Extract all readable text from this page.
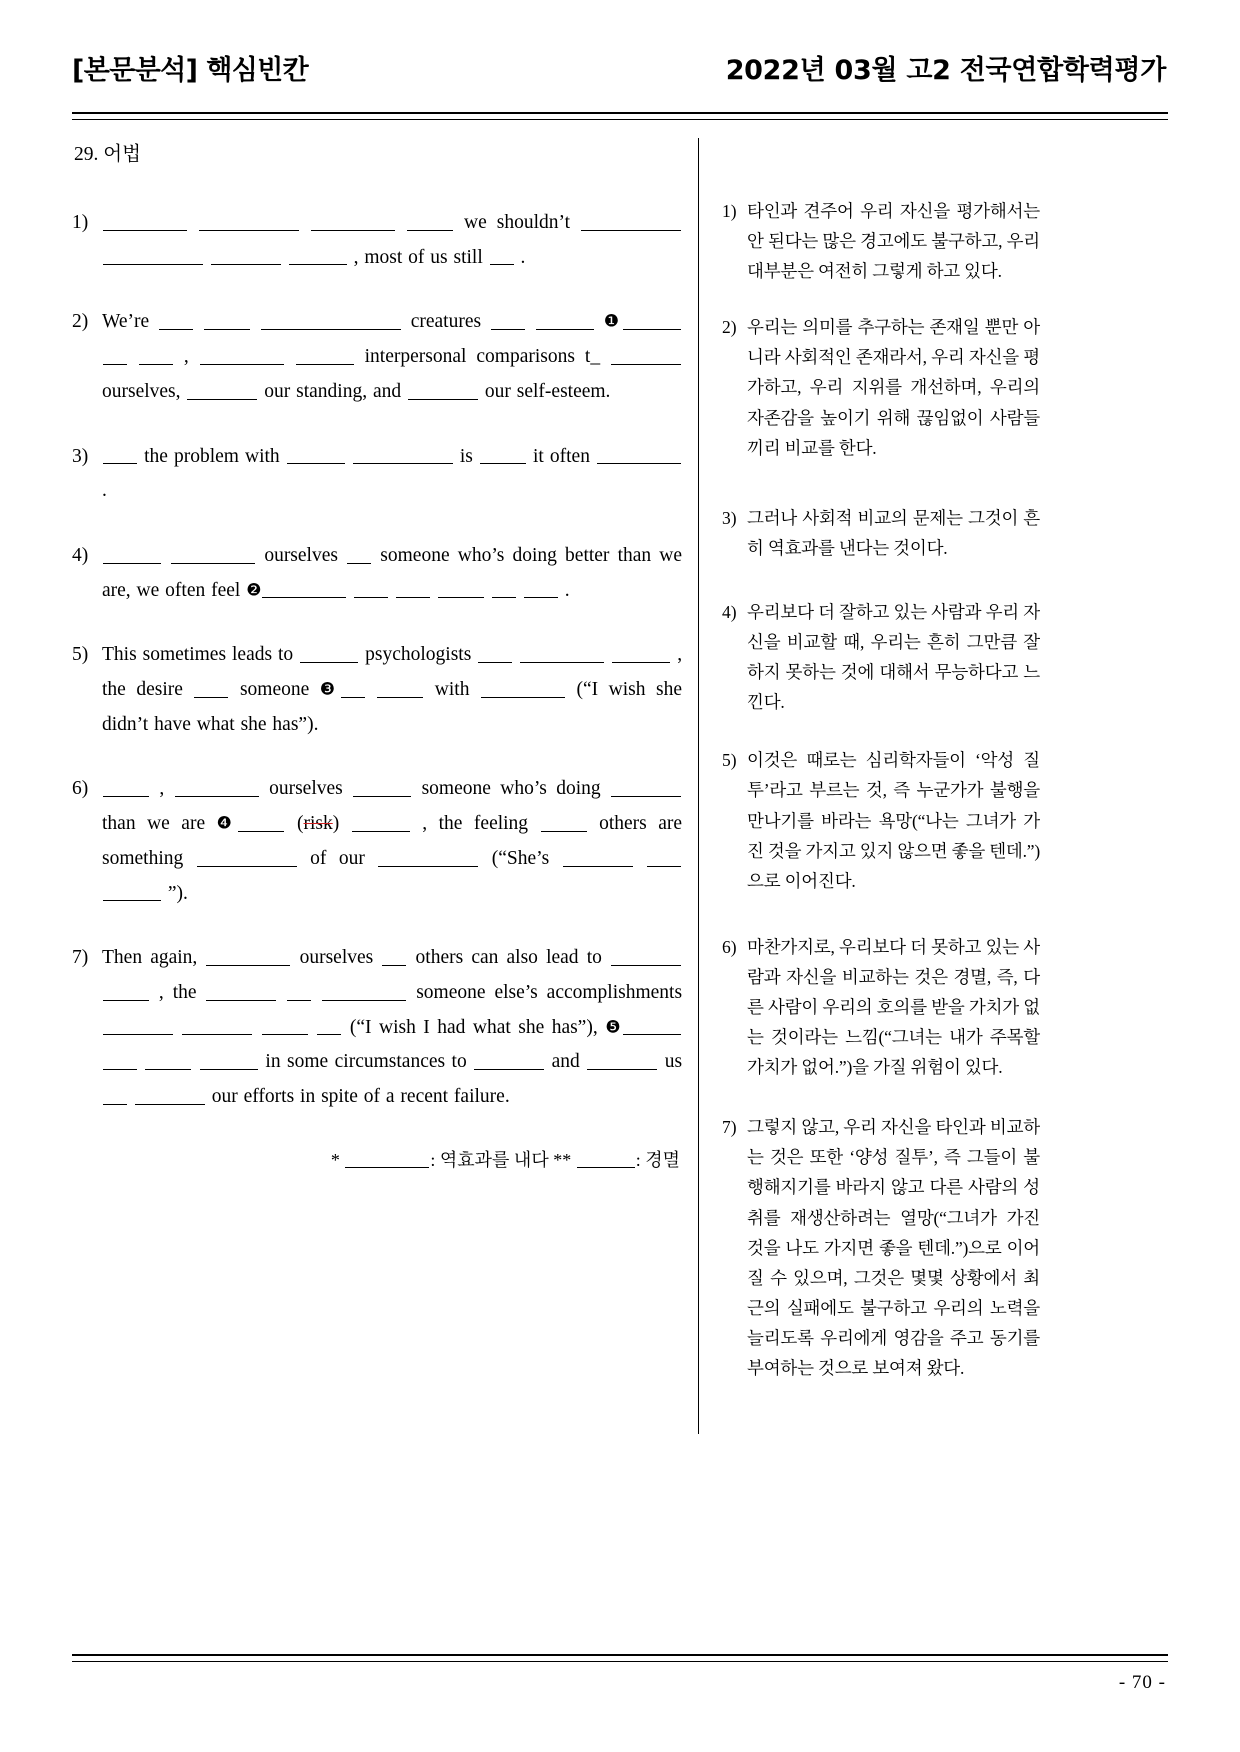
[본문분석] 핵심빈칸	2022년 03월 고2 전국연합학력평가
29. 어법
1)	we shouldn’t     , most of us still .
2) We’re	creatures	❶   ,	interpersonal comparisons t_  ourselves,	our standing, and	our self-esteem.
3)	the problem with	is	it often  .
4)	ourselves someone who’s doing better than we are, we often feel ❷	.
5) This sometimes leads to	psychologists	, the desire	someone ❸	with	(“I wish she didn’t have what she has”).
6)	,	ourselves	someone who’s doing  than we are ❹	(risk)	, the feeling	others are something	of our	(“She’s    ”).
7) Then again,	ourselves others can also lead to   , the	someone else’s accomplishments     (“I wish I had what she has”), ❺    in some circumstances to	and	us   our efforts in spite of a recent failure.
*	: 역효과를 내다 **	: 경멸
1) 타인과 견주어 우리 자신을 평가해서는 안 된다는 많은 경고에도 불구하고, 우리 대부분은 여전히 그렇게 하고 있다.
2) 우리는 의미를 추구하는 존재일 뿐만 아니라 사회적인 존재라서, 우리 자신을 평가하고, 우리 지위를 개선하며, 우리의 자존감을 높이기 위해 끊임없이 사람들끼리 비교를 한다.
3) 그러나 사회적 비교의 문제는 그것이 흔히 역효과를 낸다는 것이다.
4) 우리보다 더 잘하고 있는 사람과 우리 자신을 비교할 때, 우리는 흔히 그만큼 잘하지 못하는 것에 대해서 무능하다고 느낀다.
5) 이것은 때로는 심리학자들이 ‘악성 질투’라고 부르는 것, 즉 누군가가 불행을 만나기를 바라는 욕망(“나는 그녀가 가진 것을 가지고 있지 않으면 좋을 텐데.”)으로 이어진다.
6) 마찬가지로, 우리보다 더 못하고 있는 사람과 자신을 비교하는 것은 경멸, 즉, 다른 사람이 우리의 호의를 받을 가치가 없는 것이라는 느낌(“그녀는 내가 주목할 가치가 없어.”)을 가질 위험이 있다.
7) 그렇지 않고, 우리 자신을 타인과 비교하는 것은 또한 ‘양성 질투’, 즉 그들이 불행해지기를 바라지 않고 다른 사람의 성취를 재생산하려는 열망(“그녀가 가진 것을 나도 가지면 좋을 텐데.”)으로 이어질 수 있으며, 그것은 몇몇 상황에서 최근의 실패에도 불구하고 우리의 노력을 늘리도록 우리에게 영감을 주고 동기를 부여하는 것으로 보여져 왔다.
- 70 -
